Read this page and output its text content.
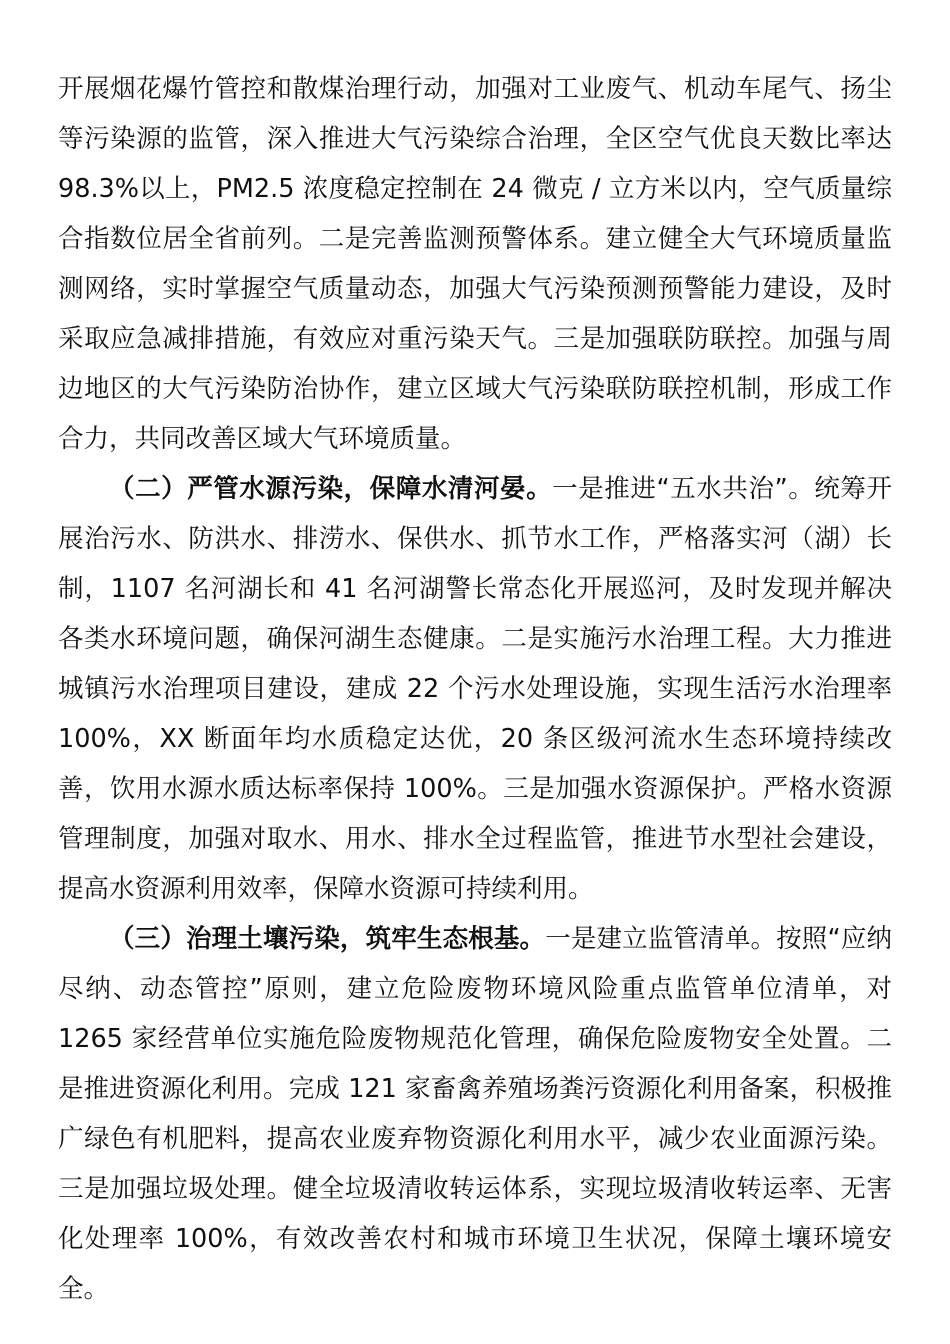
开展烟花爆竹管控和散煤治理行动，加强对工业废气、机动车尾气、扬尘等污染源的监管，深入推进大气污染综合治理，全区空气优良天数比率达98.3%以上，PM2.5 浓度稳定控制在 24 微克 / 立方米以内，空气质量综合指数位居全省前列。二是完善监测预警体系。建立健全大气环境质量监测网络，实时掌握空气质量动态，加强大气污染预测预警能力建设，及时采取应急减排措施，有效应对重污染天气。三是加强联防联控。加强与周边地区的大气污染防治协作，建立区域大气污染联防联控机制，形成工作合力，共同改善区域大气环境质量。

（二）严管水源污染，保障水清河晏。一是推进“五水共治”。统筹开展治污水、防洪水、排涝水、保供水、抓节水工作，严格落实河（湖）长制，1107 名河湖长和 41 名河湖警长常态化开展巡河，及时发现并解决各类水环境问题，确保河湖生态健康。二是实施污水治理工程。大力推进城镇污水治理项目建设，建成 22 个污水处理设施，实现生活污水治理率100%，XX 断面年均水质稳定达优，20 条区级河流水生态环境持续改善，饮用水源水质达标率保持 100%。三是加强水资源保护。严格水资源管理制度，加强对取水、用水、排水全过程监管，推进节水型社会建设，提高水资源利用效率，保障水资源可持续利用。

（三）治理土壤污染，筑牢生态根基。一是建立监管清单。按照“应纳尽纳、动态管控”原则，建立危险废物环境风险重点监管单位清单，对1265 家经营单位实施危险废物规范化管理，确保危险废物安全处置。二是推进资源化利用。完成 121 家畜禽养殖场粪污资源化利用备案，积极推广绿色有机肥料，提高农业废弃物资源化利用水平，减少农业面源污染。三是加强垃圾处理。健全垃圾清收转运体系，实现垃圾清收转运率、无害化处理率 100%，有效改善农村和城市环境卫生状况，保障土壤环境安全。
